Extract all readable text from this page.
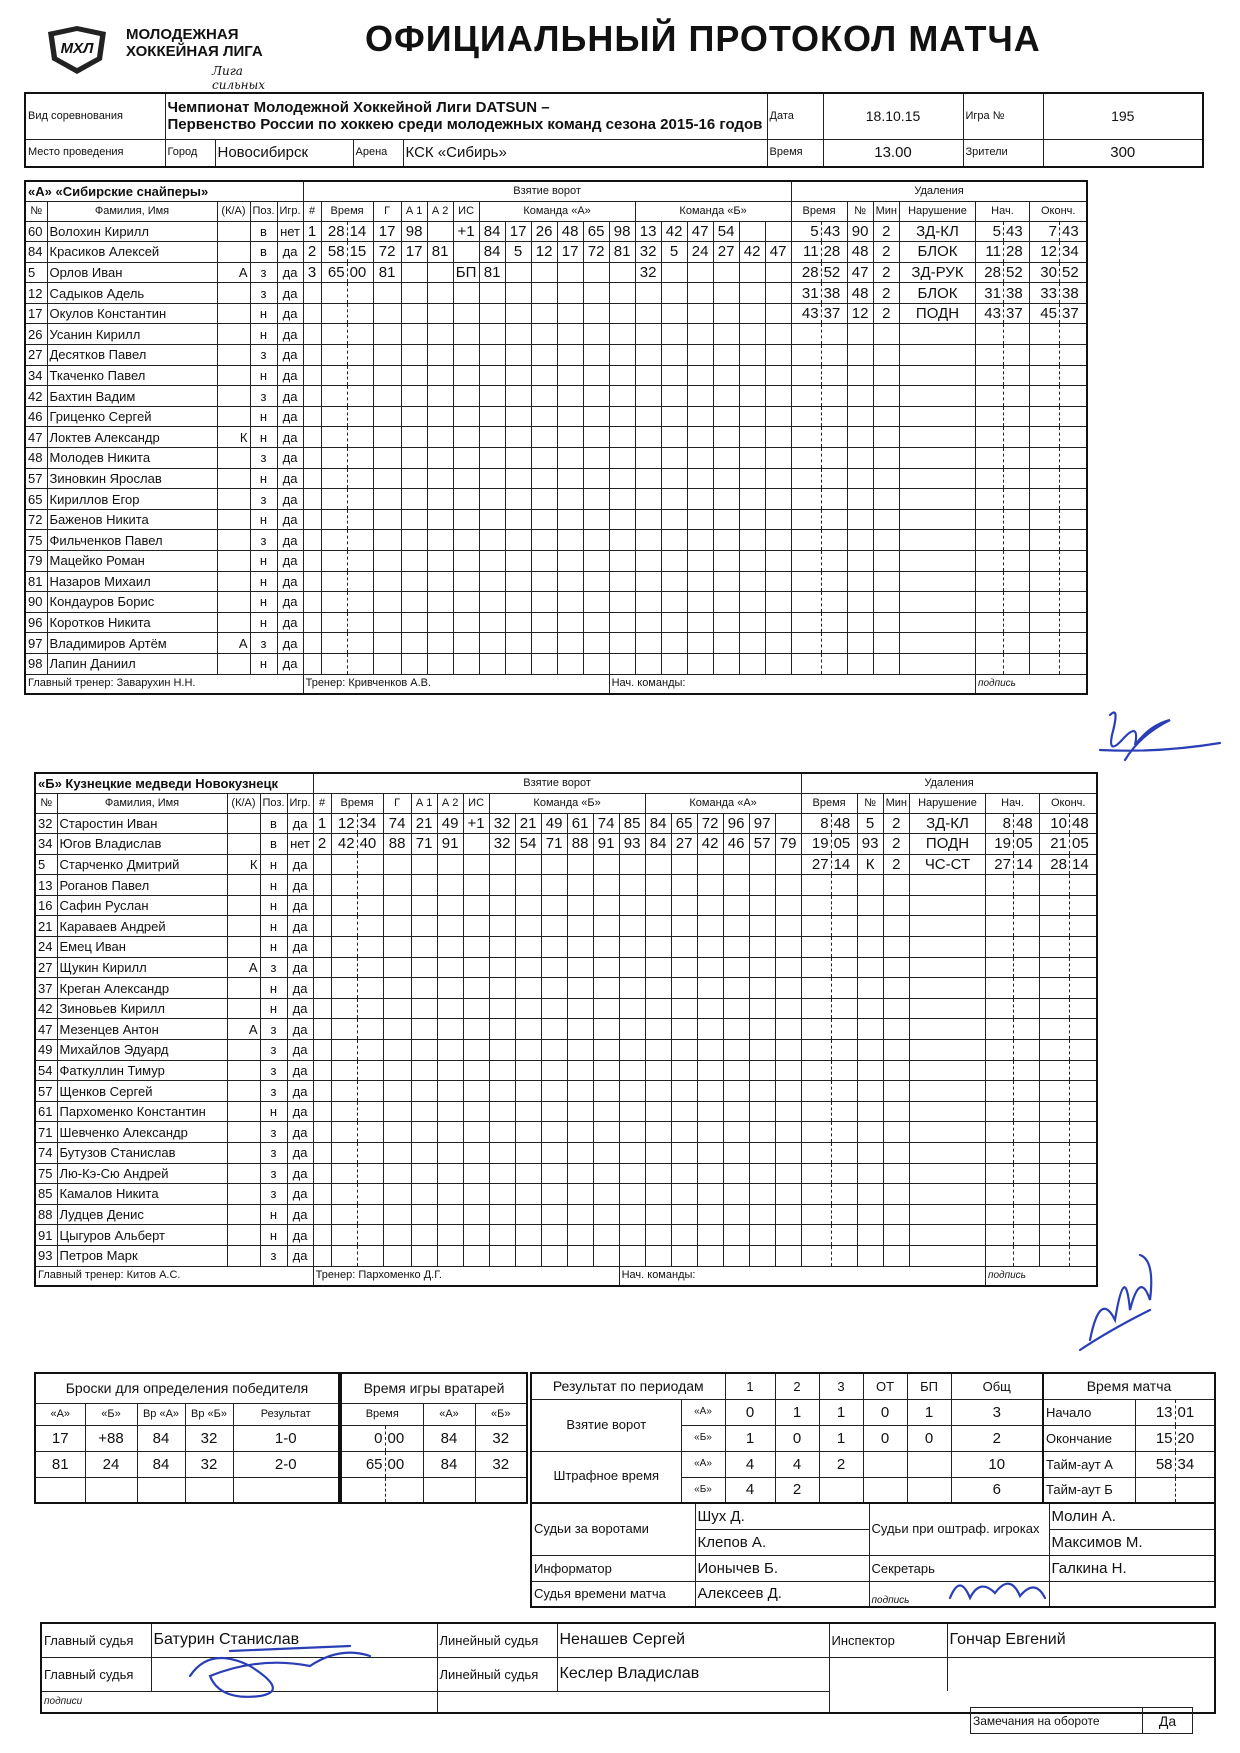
МХЛ
МОЛОДЕЖНАЯ
ХОККЕЙНАЯ ЛИГА
Лига сильных
ОФИЦИАЛЬНЫЙ ПРОТОКОЛ МАТЧА
Вид соревнования	Чемпионат Молодежной Хоккейной Лиги DATSUN –
Первенство России по хоккею среди молодежных команд сезона 2015-16 годов				Дата	18.10.15	Игра №	195
Место проведения	Город	Новосибирск	Арена	КСК «Сибирь»	Время	13.00	Зрители	300
«А» «Сибирские снайперы»					Взятие ворот																			Удаления								
№	Фамилия, Имя	(К/А)	Поз.	Игр.	#	Время		Г	А 1	А 2	ИС	Команда «А»						Команда «Б»						Время		№	Мин	Нарушение	Нач.		Оконч.	
60	Волохин Кирилл		в	нет	1	28	14	17	98		+1	84	17	26	48	65	98	13	42	47	54			5	43	90	2	ЗД-КЛ	5	43	7	43
84	Красиков Алексей		в	да	2	58	15	72	17	81		84	5	12	17	72	81	32	5	24	27	42	47	11	28	48	2	БЛОК	11	28	12	34
5	Орлов Иван	А	з	да	3	65	00	81			БП	81						32						28	52	47	2	ЗД-РУК	28	52	30	52
12	Садыков Адель		з	да																				31	38	48	2	БЛОК	31	38	33	38
17	Окулов Константин		н	да																				43	37	12	2	ПОДН	43	37	45	37
26	Усанин Кирилл		н	да																												
27	Десятков Павел		з	да																												
34	Ткаченко Павел		н	да																												
42	Бахтин Вадим		з	да																												
46	Гриценко Сергей		н	да																												
47	Локтев Александр	К	н	да																												
48	Молодев Никита		з	да																												
57	Зиновкин Ярослав		н	да																												
65	Кириллов Егор		з	да																												
72	Баженов Никита		н	да																												
75	Фильченков Павел		з	да																												
79	Мацейко Роман		н	да																												
81	Назаров Михаил		н	да																												
90	Кондауров Борис		н	да																												
96	Коротков Никита		н	да																												
97	Владимиров Артём	А	з	да																												
98	Лапин Даниил		н	да																												
Главный тренер: Заварухин Н.Н.					Тренер: Кривченков А.В.												Нач. команды:												подпись			
«Б» Кузнецкие медведи Новокузнецк					Взятие ворот																			Удаления								
№	Фамилия, Имя	(К/А)	Поз.	Игр.	#	Время		Г	А 1	А 2	ИС	Команда «Б»						Команда «А»						Время		№	Мин	Нарушение	Нач.		Оконч.	
32	Старостин Иван		в	да	1	12	34	74	21	49	+1	32	21	49	61	74	85	84	65	72	96	97		8	48	5	2	ЗД-КЛ	8	48	10	48
34	Югов Владислав		в	нет	2	42	40	88	71	91		32	54	71	88	91	93	84	27	42	46	57	79	19	05	93	2	ПОДН	19	05	21	05
5	Старченко Дмитрий	К	н	да																				27	14	К	2	ЧС-СТ	27	14	28	14
13	Роганов Павел		н	да																												
16	Сафин Руслан		н	да																												
21	Караваев Андрей		н	да																												
24	Емец Иван		н	да																												
27	Щукин Кирилл	А	з	да																												
37	Креган Александр		н	да																												
42	Зиновьев Кирилл		н	да																												
47	Мезенцев Антон	А	з	да																												
49	Михайлов Эдуард		з	да																												
54	Фаткуллин Тимур		з	да																												
57	Щенков Сергей		з	да																												
61	Пархоменко Константин		н	да																												
71	Шевченко Александр		з	да																												
74	Бутузов Станислав		з	да																												
75	Лю-Кэ-Сю Андрей		з	да																												
85	Камалов Никита		з	да																												
88	Лудцев Денис		н	да																												
91	Цыгуров Альберт		н	да																												
93	Петров Марк		з	да																												
Главный тренер: Китов А.С.					Тренер: Пархоменко Д.Г.												Нач. команды:												подпись			
Броски для определения победителя				
«А»	«Б»	Вр «А»	Вр «Б»	Результат
17	+88	84	32	1-0
81	24	84	32	2-0

Время игры вратарей			
Время		«А»	«Б»
0	00	84	32
65	00	84	32

Результат по периодам		1	2	3	ОТ	БП	Общ
Взятие ворот	«А»	0	1	1	0	1	3
	«Б»	1	0	1	0	0	2
Штрафное время	«А»	4	4	2			10
	«Б»	4	2				6
Время матча		
Начало	13	01
Окончание	15	20
Тайм-аут А	58	34
Тайм-аут Б		
Судьи за воротами	Шух Д.	Судьи при оштраф. игроках	Молин А.
	Клепов А.		Максимов М.
Информатор	Ионычев Б.	Секретарь	Галкина Н.
Судья времени матча	Алексеев Д.	подпись	
Главный судья	Батурин Станислав	Линейный судья	Ненашев Сергей	Инспектор	Гончар Евгений
Главный судья		Линейный судья	Кеслер Владислав		
подписи					
Замечания на обороте	Да
